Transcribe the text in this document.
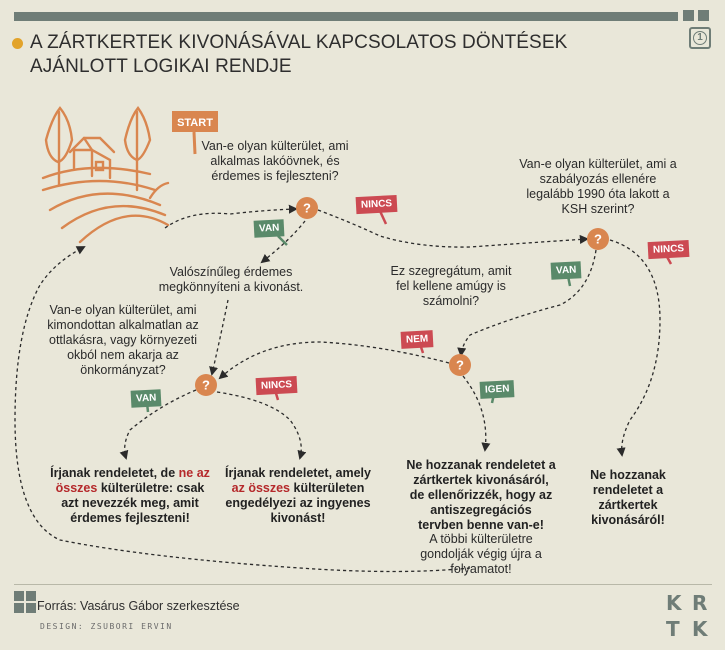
1
A ZÁRTKERTEK KIVONÁSÁVAL KAPCSOLATOS DÖNTÉSEK AJÁNLOTT LOGIKAI RENDJE
START
?
?
?
?
VAN
NINCS
NINCS
VAN
NEM
IGEN
VAN
NINCS
Van-e olyan külterület, ami alkalmas lakóövnek, és érdemes is fejleszteni?
Van-e olyan külterület, ami a szabályozás ellenére legalább 1990 óta lakott a KSH szerint?
Ez szegregátum, amit fel kellene amúgy is számolni?
Van-e olyan külterület, ami kimondottan alkalmatlan az ottlakásra, vagy környezeti okból nem akarja az önkormányzat?
Valószínűleg érdemes megkönnyíteni a kivonást.
Írjanak rendeletet, de ne az összes külterületre: csak azt nevezzék meg, amit érdemes fejleszteni!
Írjanak rendeletet, amely az összes külterületen engedélyezi az ingyenes kivonást!
Ne hozzanak rendeletet a zártkertek kivonásáról, de ellenőrizzék, hogy az antiszegregációs tervben benne van-e!
A többi külterületre gondolják végig újra a folyamatot!
Ne hozzanak rendeletet a zártkertek kivonásáról!
Forrás: Vasárus Gábor szerkesztése
DESIGN: ZSUBORI ERVIN
K R
T K
